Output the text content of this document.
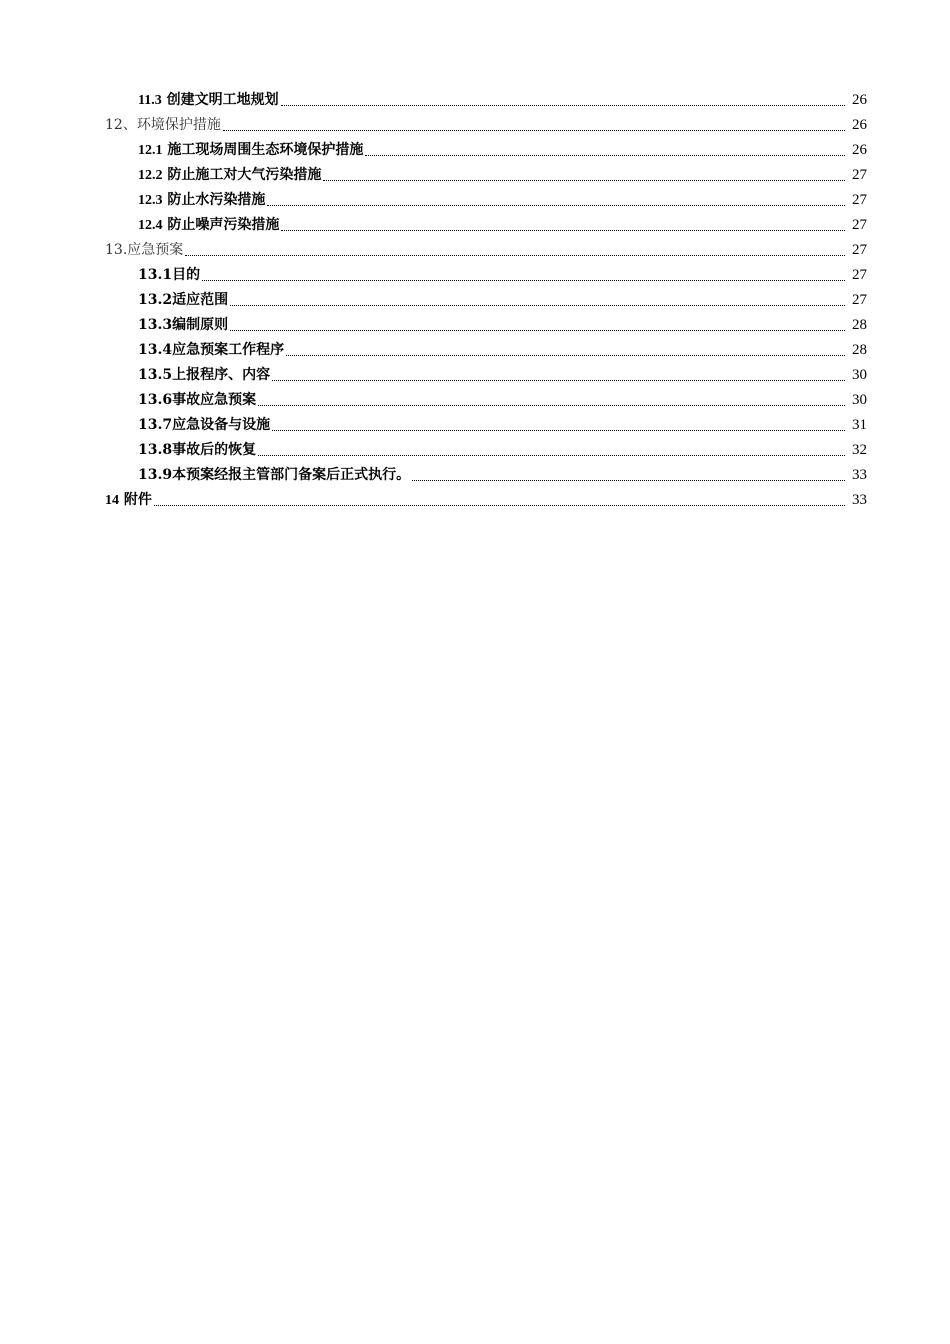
11.3 创建文明工地规划	26
12、环境保护措施	26
12.1 施工现场周围生态环境保护措施	26
12.2 防止施工对大气污染措施	27
12.3 防止水污染措施	27
12.4 防止噪声污染措施	27
13.应急预案	27
13.1目的	27
13.2适应范围	27
13.3编制原则	28
13.4应急预案工作程序	28
13.5上报程序、内容	30
13.6事故应急预案	30
13.7应急设备与设施	31
13.8事故后的恢复	32
13.9本预案经报主管部门备案后正式执行。	33
14 附件	33
